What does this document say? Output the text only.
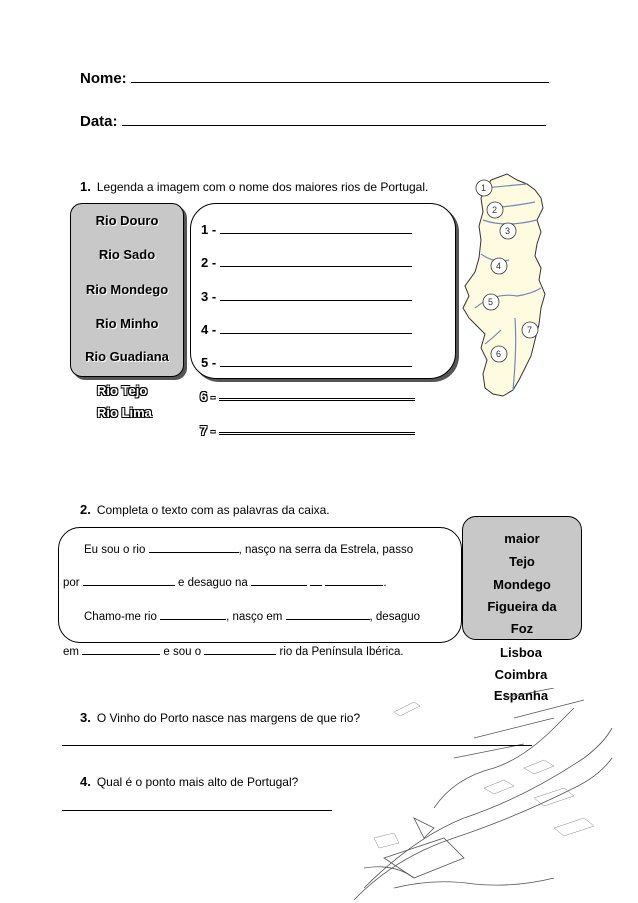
Nome:
Data:
1. Legenda a imagem com o nome dos maiores rios de Portugal.
Rio Douro
Rio Sado
Rio Mondego
Rio Minho
Rio Guadiana
Rio Tejo
Rio Lima
1 -
2 -
3 -
4 -
5 -
6 -
7 -
1
2
3
4
5
6
7
2. Completa o texto com as palavras da caixa.
Eu sou o rio	, nasço na serra da Estrela, passo
por	e desaguo na	.
Chamo-me rio	, nasço em	, desaguo
em	e sou o	rio da Península Ibérica.
maior
Tejo
Mondego
Figueira da
Foz
Lisboa
Coimbra
Espanha
3. O Vinho do Porto nasce nas margens de que rio?
4. Qual é o ponto mais alto de Portugal?
